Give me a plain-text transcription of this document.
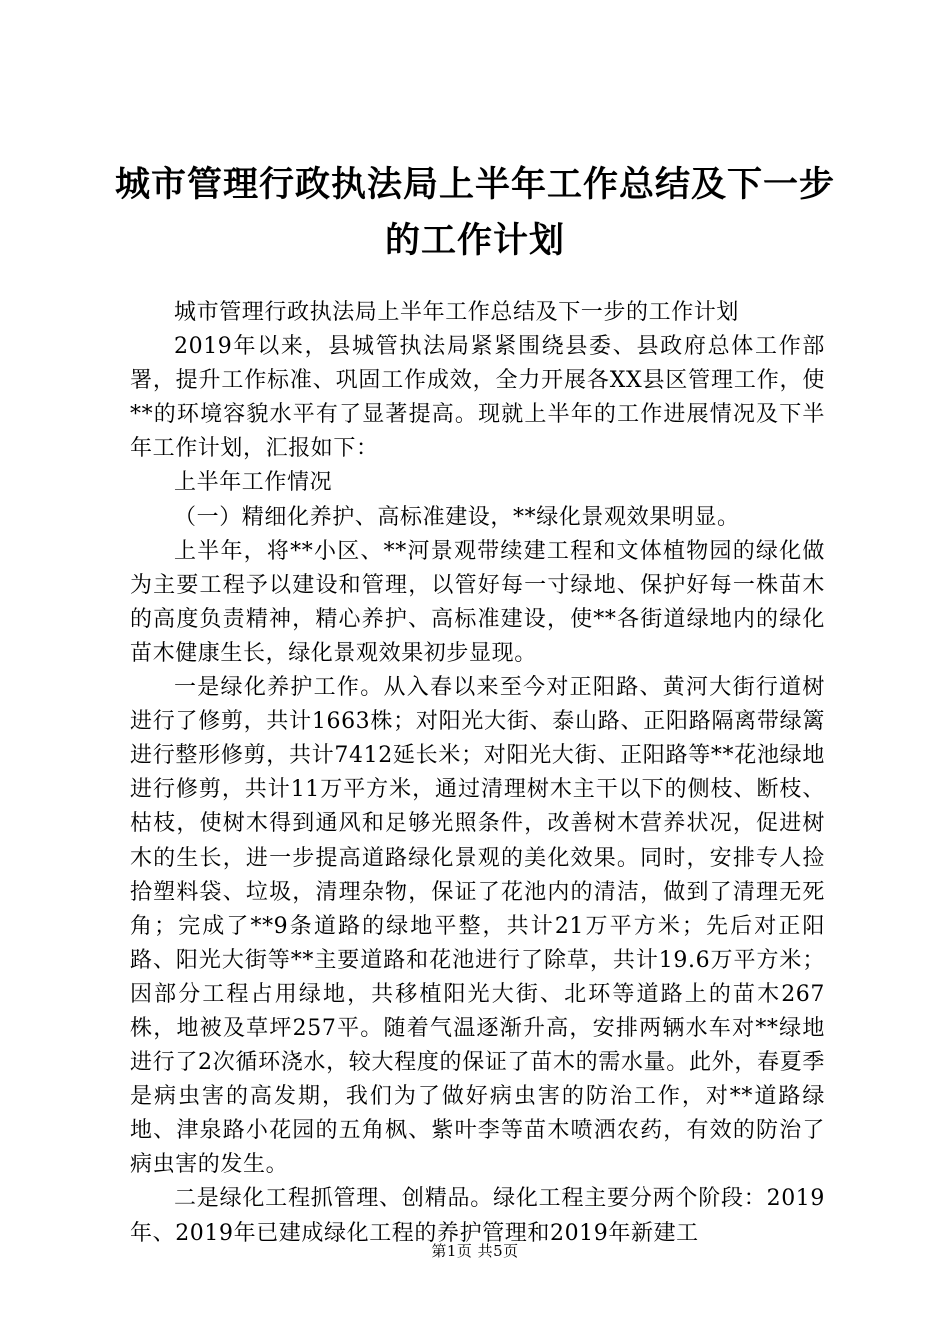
城市管理行政执法局上半年工作总结及下一步
的工作计划

城市管理行政执法局上半年工作总结及下一步的工作计划

2019年以来，县城管执法局紧紧围绕县委、县政府总体工作部署，提升工作标准、巩固工作成效，全力开展各XX县区管理工作，使**的环境容貌水平有了显著提高。现就上半年的工作进展情况及下半年工作计划，汇报如下：

上半年工作情况

（一）精细化养护、高标准建设，**绿化景观效果明显。

上半年，将**小区、**河景观带续建工程和文体植物园的绿化做为主要工程予以建设和管理，以管好每一寸绿地、保护好每一株苗木的高度负责精神，精心养护、高标准建设，使**各街道绿地内的绿化苗木健康生长，绿化景观效果初步显现。

一是绿化养护工作。从入春以来至今对正阳路、黄河大街行道树进行了修剪，共计1663株；对阳光大街、泰山路、正阳路隔离带绿篱进行整形修剪，共计7412延长米；对阳光大街、正阳路等**花池绿地进行修剪，共计11万平方米，通过清理树木主干以下的侧枝、断枝、枯枝，使树木得到通风和足够光照条件，改善树木营养状况，促进树木的生长，进一步提高道路绿化景观的美化效果。同时，安排专人捡拾塑料袋、垃圾，清理杂物，保证了花池内的清洁，做到了清理无死角；完成了**9条道路的绿地平整，共计21万平方米；先后对正阳路、阳光大街等**主要道路和花池进行了除草，共计19.6万平方米；因部分工程占用绿地，共移植阳光大街、北环等道路上的苗木267株，地被及草坪257平。随着气温逐渐升高，安排两辆水车对**绿地进行了2次循环浇水，较大程度的保证了苗木的需水量。此外，春夏季是病虫害的高发期，我们为了做好病虫害的防治工作，对**道路绿地、津泉路小花园的五角枫、紫叶李等苗木喷洒农药，有效的防治了病虫害的发生。

二是绿化工程抓管理、创精品。绿化工程主要分两个阶段：2019年、2019年已建成绿化工程的养护管理和2019年新建工

第1页 共5页
